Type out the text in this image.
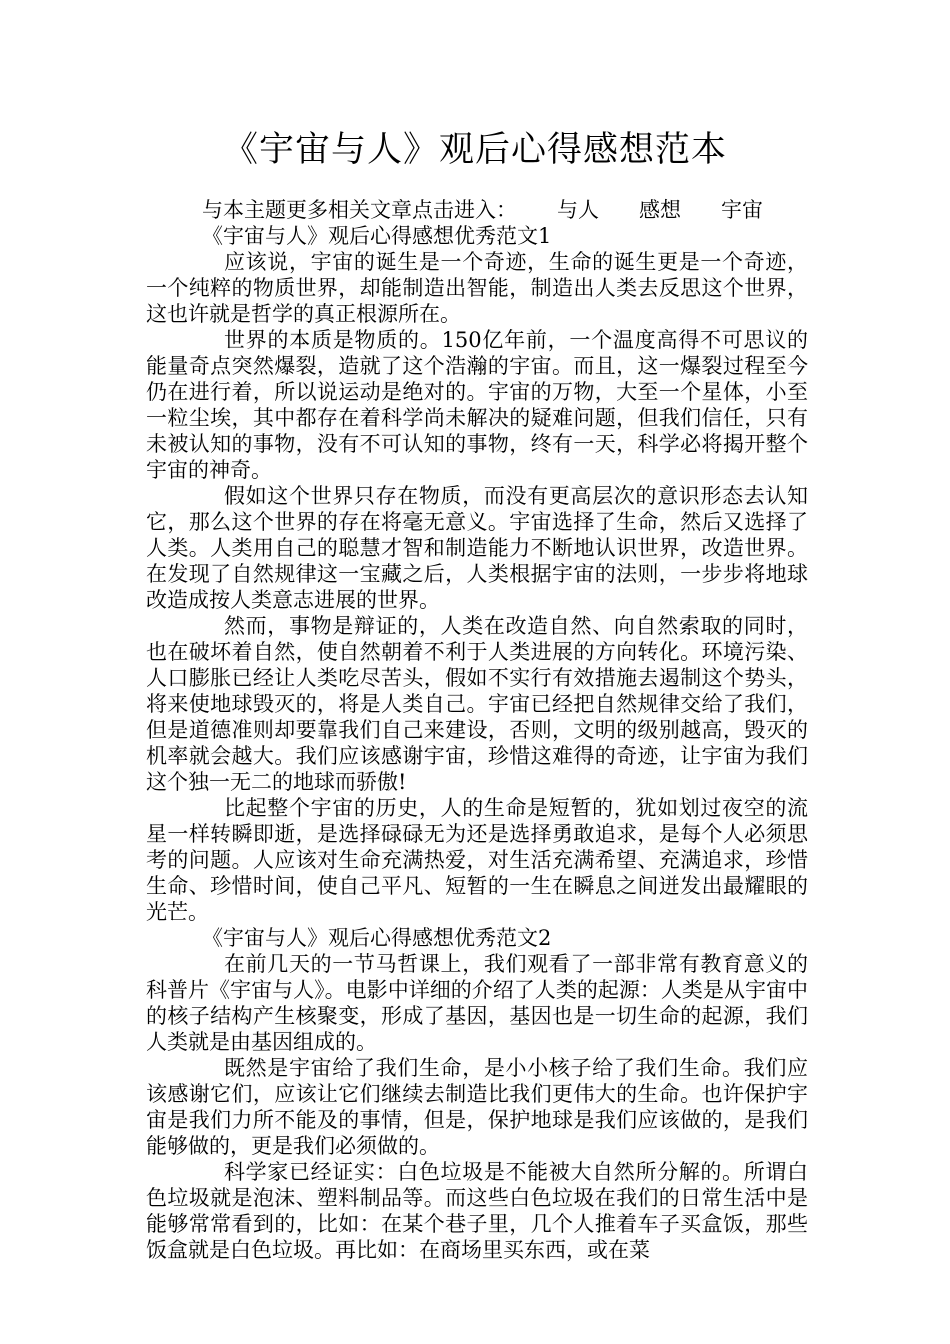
《宇宙与人》观后心得感想范本

与本主题更多相关文章点击进入： 与人 感想 宇宙

《宇宙与人》观后心得感想优秀范文1

应该说，宇宙的诞生是一个奇迹，生命的诞生更是一个奇迹，一个纯粹的物质世界，却能制造出智能，制造出人类去反思这个世界，这也许就是哲学的真正根源所在。

世界的本质是物质的。150亿年前，一个温度高得不可思议的能量奇点突然爆裂，造就了这个浩瀚的宇宙。而且，这一爆裂过程至今仍在进行着，所以说运动是绝对的。宇宙的万物，大至一个星体，小至一粒尘埃，其中都存在着科学尚未解决的疑难问题，但我们信任，只有未被认知的事物，没有不可认知的事物，终有一天，科学必将揭开整个宇宙的神奇。

假如这个世界只存在物质，而没有更高层次的意识形态去认知它，那么这个世界的存在将毫无意义。宇宙选择了生命，然后又选择了人类。人类用自己的聪慧才智和制造能力不断地认识世界，改造世界。在发现了自然规律这一宝藏之后，人类根据宇宙的法则，一步步将地球改造成按人类意志进展的世界。

然而，事物是辩证的，人类在改造自然、向自然索取的同时，也在破坏着自然，使自然朝着不利于人类进展的方向转化。环境污染、人口膨胀已经让人类吃尽苦头，假如不实行有效措施去遏制这个势头，将来使地球毁灭的，将是人类自己。宇宙已经把自然规律交给了我们，但是道德准则却要靠我们自己来建设，否则，文明的级别越高，毁灭的机率就会越大。我们应该感谢宇宙，珍惜这难得的奇迹，让宇宙为我们这个独一无二的地球而骄傲!

比起整个宇宙的历史，人的生命是短暂的，犹如划过夜空的流星一样转瞬即逝，是选择碌碌无为还是选择勇敢追求，是每个人必须思考的问题。人应该对生命充满热爱，对生活充满希望、充满追求，珍惜生命、珍惜时间，使自己平凡、短暂的一生在瞬息之间迸发出最耀眼的光芒。

《宇宙与人》观后心得感想优秀范文2

在前几天的一节马哲课上，我们观看了一部非常有教育意义的科普片《宇宙与人》。电影中详细的介绍了人类的起源：人类是从宇宙中的核子结构产生核聚变，形成了基因，基因也是一切生命的起源，我们人类就是由基因组成的。

既然是宇宙给了我们生命，是小小核子给了我们生命。我们应该感谢它们，应该让它们继续去制造比我们更伟大的生命。也许保护宇宙是我们力所不能及的事情，但是，保护地球是我们应该做的，是我们能够做的，更是我们必须做的。

科学家已经证实：白色垃圾是不能被大自然所分解的。所谓白色垃圾就是泡沫、塑料制品等。而这些白色垃圾在我们的日常生活中是能够常常看到的，比如：在某个巷子里，几个人推着车子买盒饭，那些饭盒就是白色垃圾。再比如：在商场里买东西，或在菜
